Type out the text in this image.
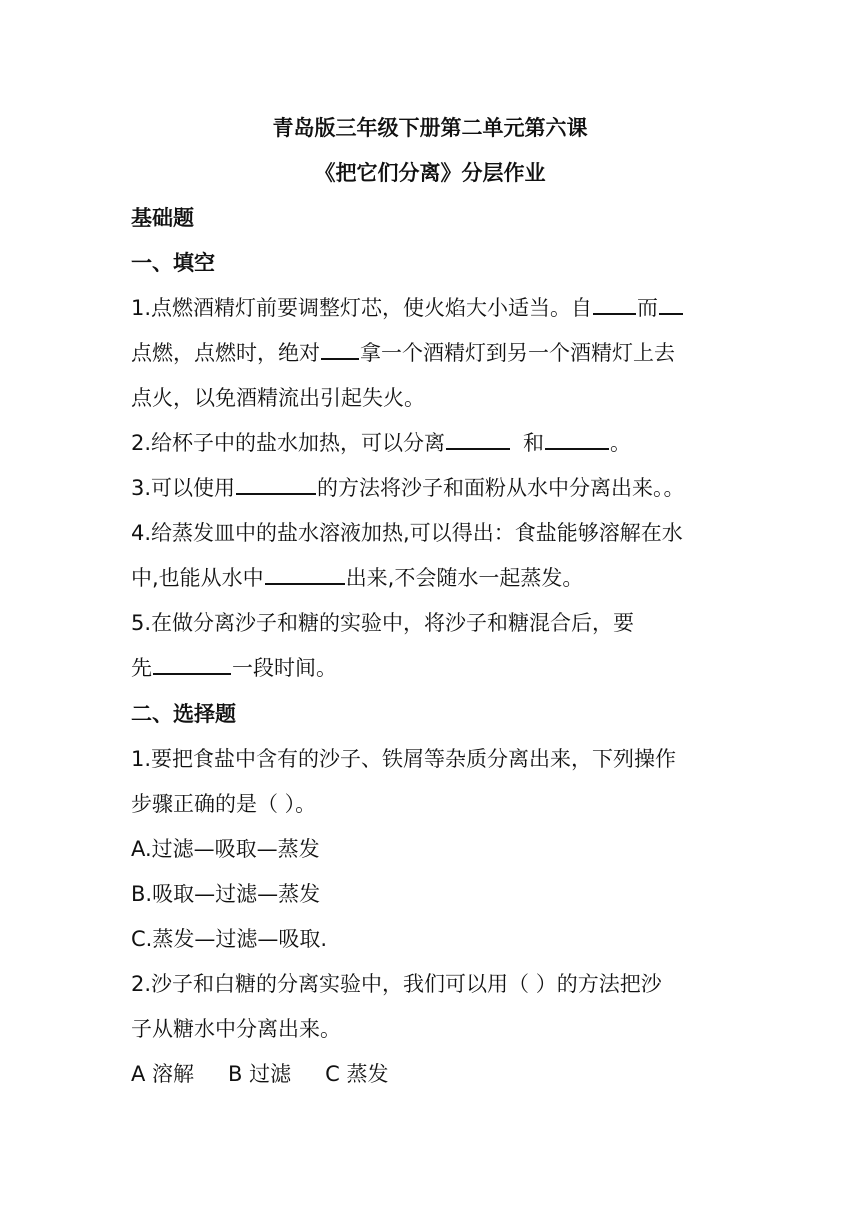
青岛版三年级下册第二单元第六课
《把它们分离》分层作业
基础题
一、填空
1.点燃酒精灯前要调整灯芯，使火焰大小适当。自 而
点燃，点燃时，绝对 拿一个酒精灯到另一个酒精灯上去
点火，以免酒精流出引起失火。
2.给杯子中的盐水加热，可以分离	和	。
3.可以使用	的方法将沙子和面粉从水中分离出来。。
4.给蒸发皿中的盐水溶液加热,可以得出：食盐能够溶解在水
中,也能从水中	出来,不会随水一起蒸发。
5.在做分离沙子和糖的实验中，将沙子和糖混合后，要
先	一段时间。
二、选择题
1.要把食盐中含有的沙子、铁屑等杂质分离出来，下列操作
步骤正确的是（ ）。
A.过滤—吸取—蒸发
B.吸取—过滤—蒸发
C.蒸发—过滤—吸取.
2.沙子和白糖的分离实验中，我们可以用（ ）的方法把沙
子从糖水中分离出来。
A 溶解 B 过滤 C 蒸发
